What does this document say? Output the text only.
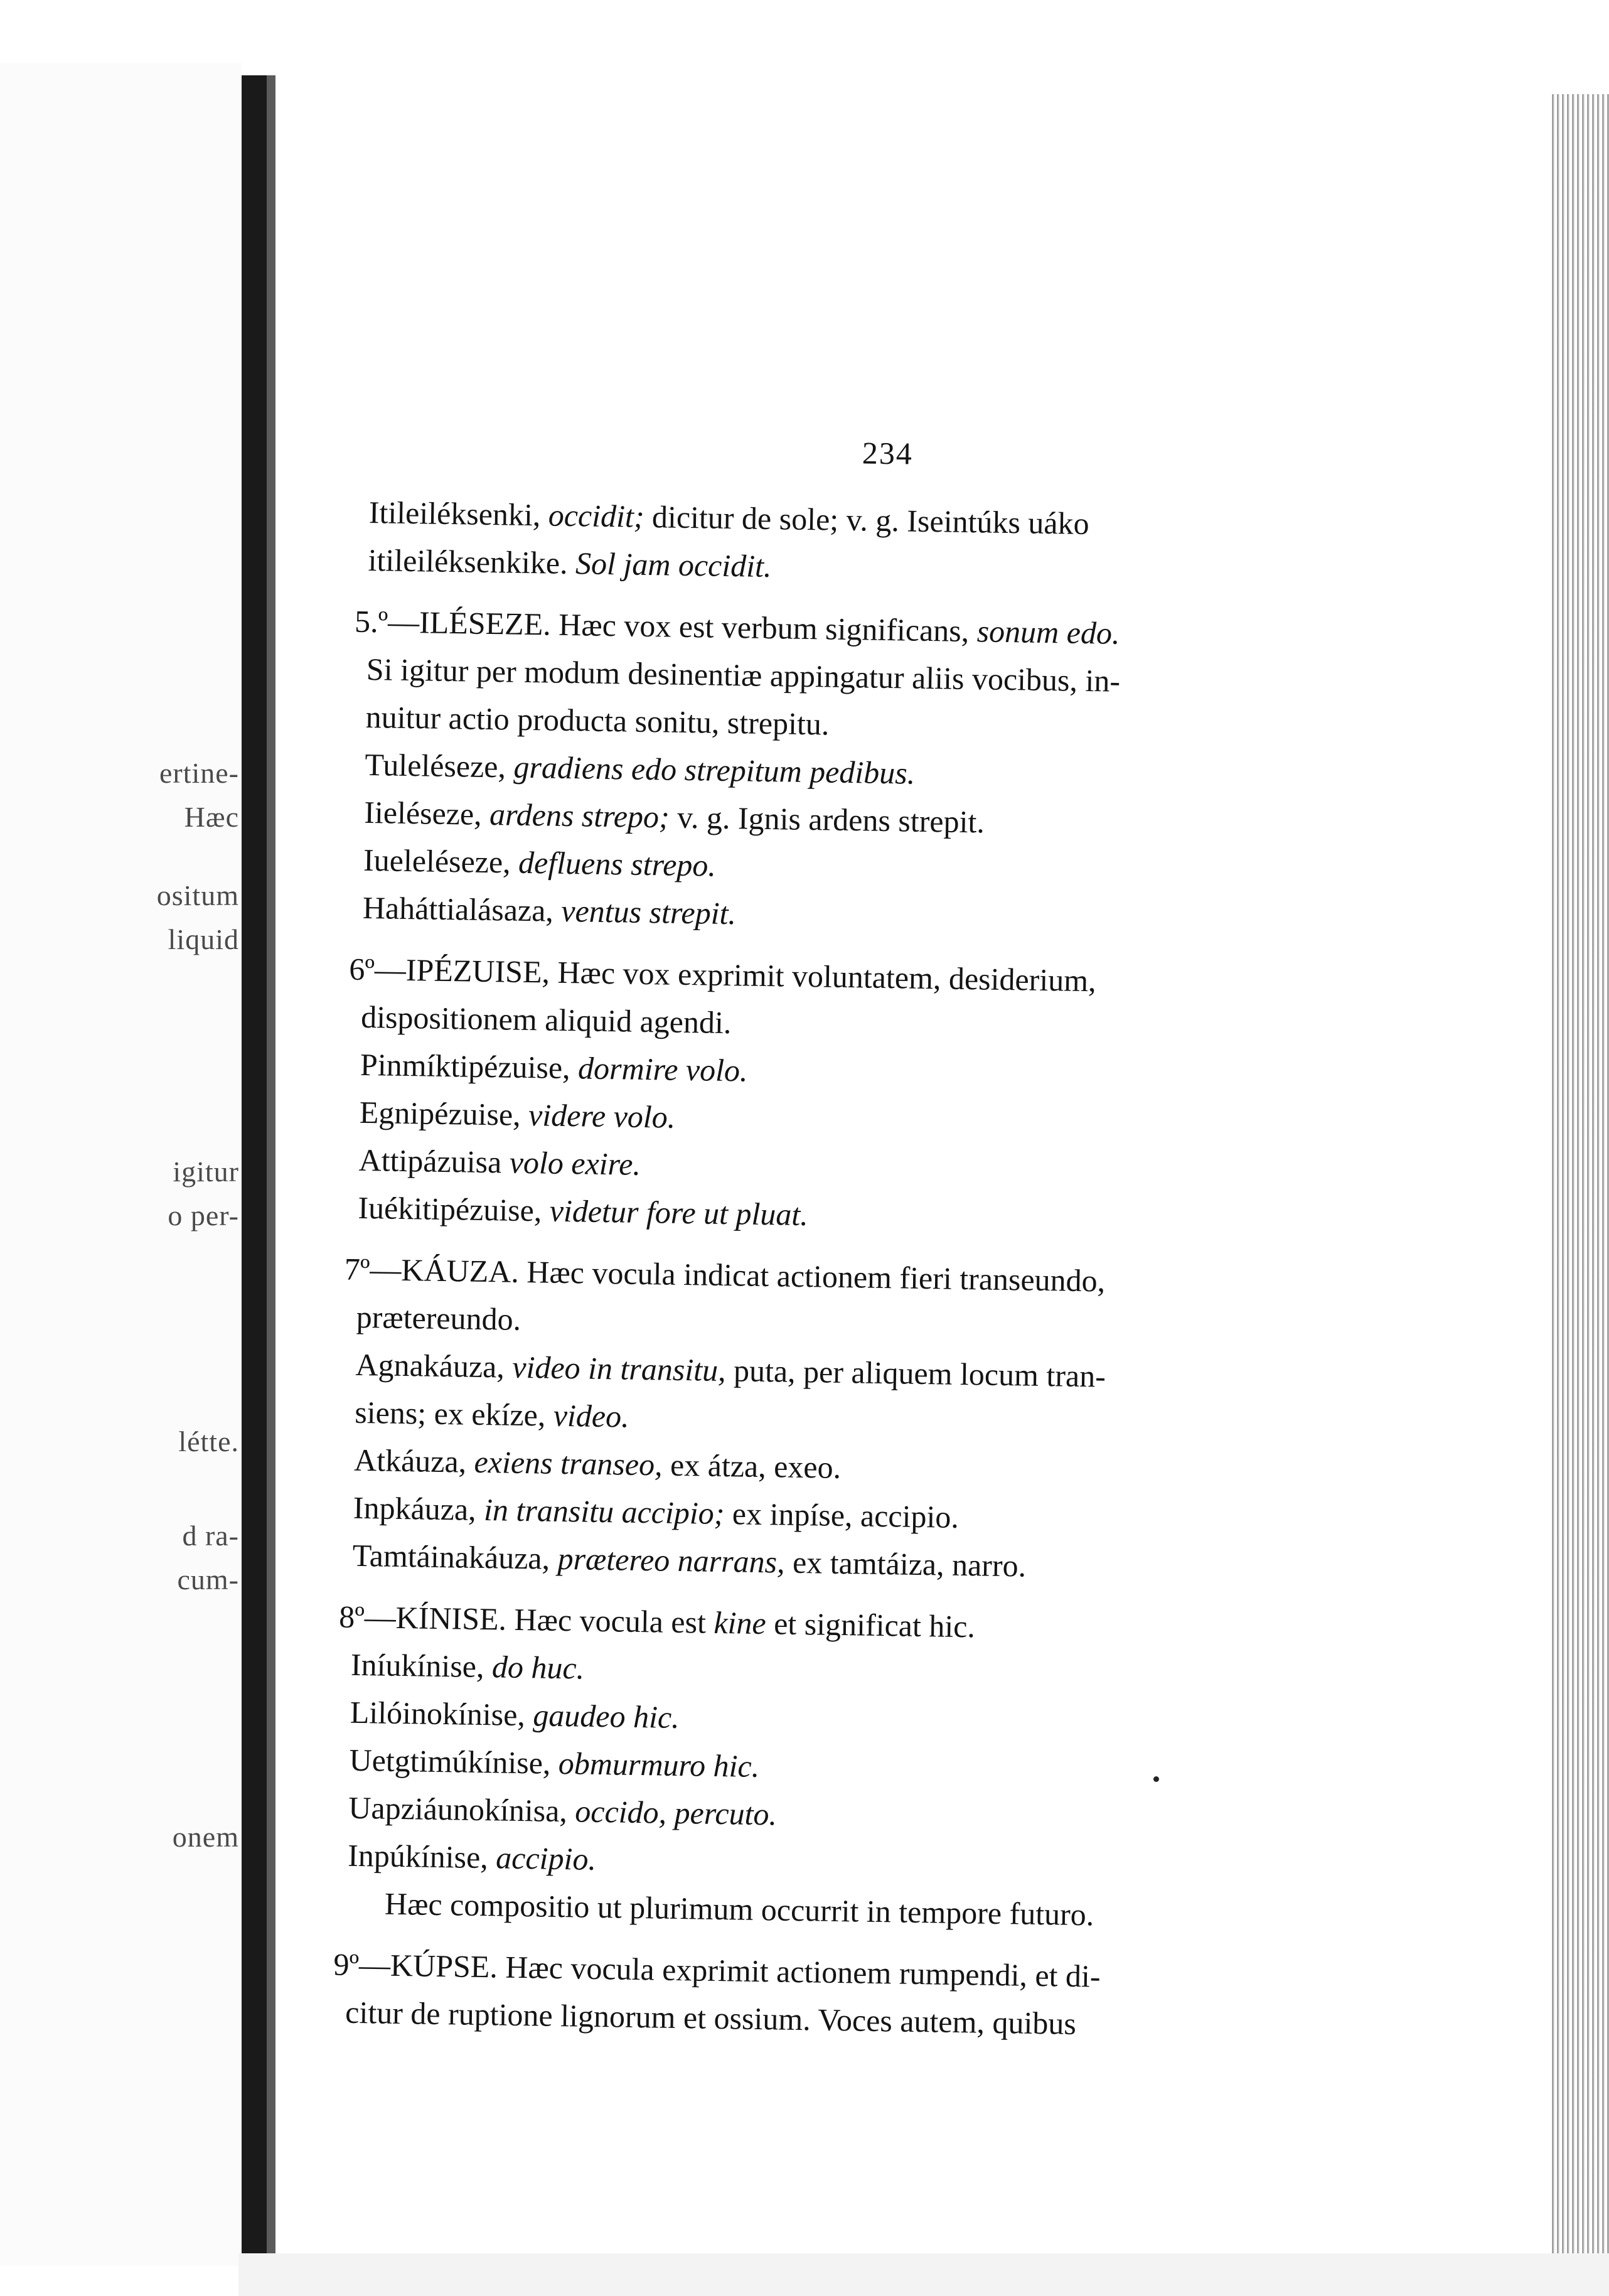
ertine-
Hæc
ositum
liquid
igitur
o per-
létte.
d ra-
cum-
onem
234
Itileiléksenki, occidit; dicitur de sole; v. g. Iseintúks uáko
itileiléksenkike. Sol jam occidit.
5.º—ILÉSEZE. Hæc vox est verbum significans, sonum edo.
Si igitur per modum desinentiæ appingatur aliis vocibus, in-
nuitur actio producta sonitu, strepitu.
Tuleléseze, gradiens edo strepitum pedibus.
Iieléseze, ardens strepo; v. g. Ignis ardens strepit.
Iueleléseze, defluens strepo.
Haháttialásaza, ventus strepit.
6º—IPÉZUISE, Hæc vox exprimit voluntatem, desiderium,
dispositionem aliquid agendi.
Pinmíktipézuise, dormire volo.
Egnipézuise, videre volo.
Attipázuisa volo exire.
Iuékitipézuise, videtur fore ut pluat.
7º—KÁUZA. Hæc vocula indicat actionem fieri transeundo,
prætereundo.
Agnakáuza, video in transitu, puta, per aliquem locum tran-
siens; ex ekíze, video.
Atkáuza, exiens transeo, ex átza, exeo.
Inpkáuza, in transitu accipio; ex inpíse, accipio.
Tamtáinakáuza, prætereo narrans, ex tamtáiza, narro.
8º—KÍNISE. Hæc vocula est kine et significat hic.
Iníukínise, do huc.
Lilóinokínise, gaudeo hic.
Uetgtimúkínise, obmurmuro hic.
Uapziáunokínisa, occido, percuto.
Inpúkínise, accipio.
Hæc compositio ut plurimum occurrit in tempore futuro.
9º—KÚPSE. Hæc vocula exprimit actionem rumpendi, et di-
citur de ruptione lignorum et ossium. Voces autem, quibus
